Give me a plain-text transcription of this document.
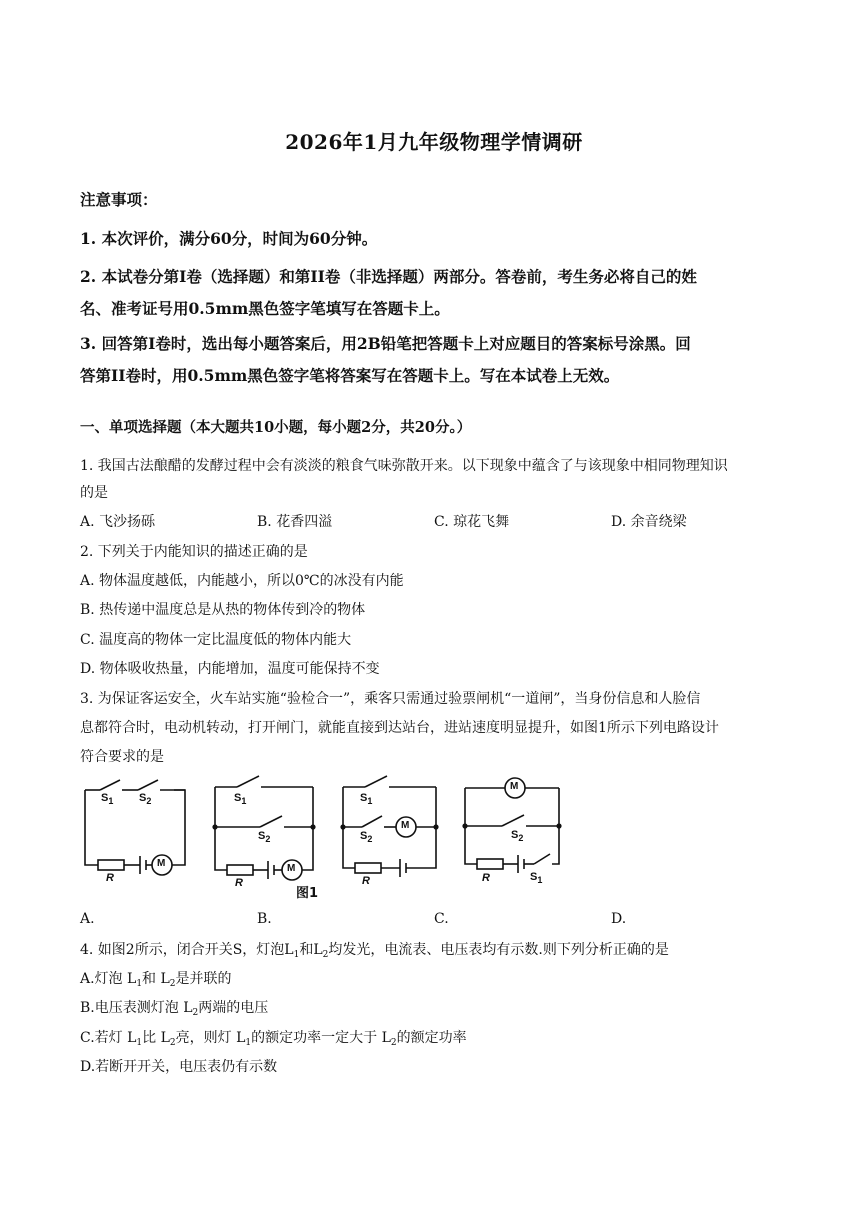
2026年1月九年级物理学情调研
注意事项：
1. 本次评价，满分60分，时间为60分钟。
2. 本试卷分第I卷（选择题）和第II卷（非选择题）两部分。答卷前，考生务必将自己的姓
名、准考证号用0.5mm黑色签字笔填写在答题卡上。
3. 回答第I卷时，选出每小题答案后，用2B铅笔把答题卡上对应题目的答案标号涂黑。回
答第II卷时，用0.5mm黑色签字笔将答案写在答题卡上。写在本试卷上无效。
一、单项选择题（本大题共10小题，每小题2分，共20分。）
1. 我国古法酿醋的发酵过程中会有淡淡的粮食气味弥散开来。以下现象中蕴含了与该现象中相同物理知识
的是
A. 飞沙扬砾	B. 花香四溢	C. 琼花飞舞	D. 余音绕梁
2. 下列关于内能知识的描述正确的是
A. 物体温度越低，内能越小，所以0℃的冰没有内能
B. 热传递中温度总是从热的物体传到冷的物体
C. 温度高的物体一定比温度低的物体内能大
D. 物体吸收热量，内能增加，温度可能保持不变
3. 为保证客运安全，火车站实施“验检合一”，乘客只需通过验票闸机“一道闸”，当身份信息和人脸信
息都符合时，电动机转动，打开闸门，就能直接到达站台，进站速度明显提升，如图1所示下列电路设计
符合要求的是
$S_1$ $S_2$
R
M
$S_1$
$S_2$
R
M
图1
$S_1$
$S_2$
R
M
$S_2$
R	$S_1$
M
A.	B.	C.	D.
4. 如图2所示，闭合开关S，灯泡$L_1$和$L_2$均发光，电流表、电压表均有示数.则下列分析正确的是
A.灯泡 $L_1$和 $L_2$是并联的
B.电压表测灯泡 $L_2$两端的电压
C.若灯 $L_1$比 $L_2$亮，则灯 $L_1$的额定功率一定大于 $L_2$的额定功率
D.若断开开关，电压表仍有示数
